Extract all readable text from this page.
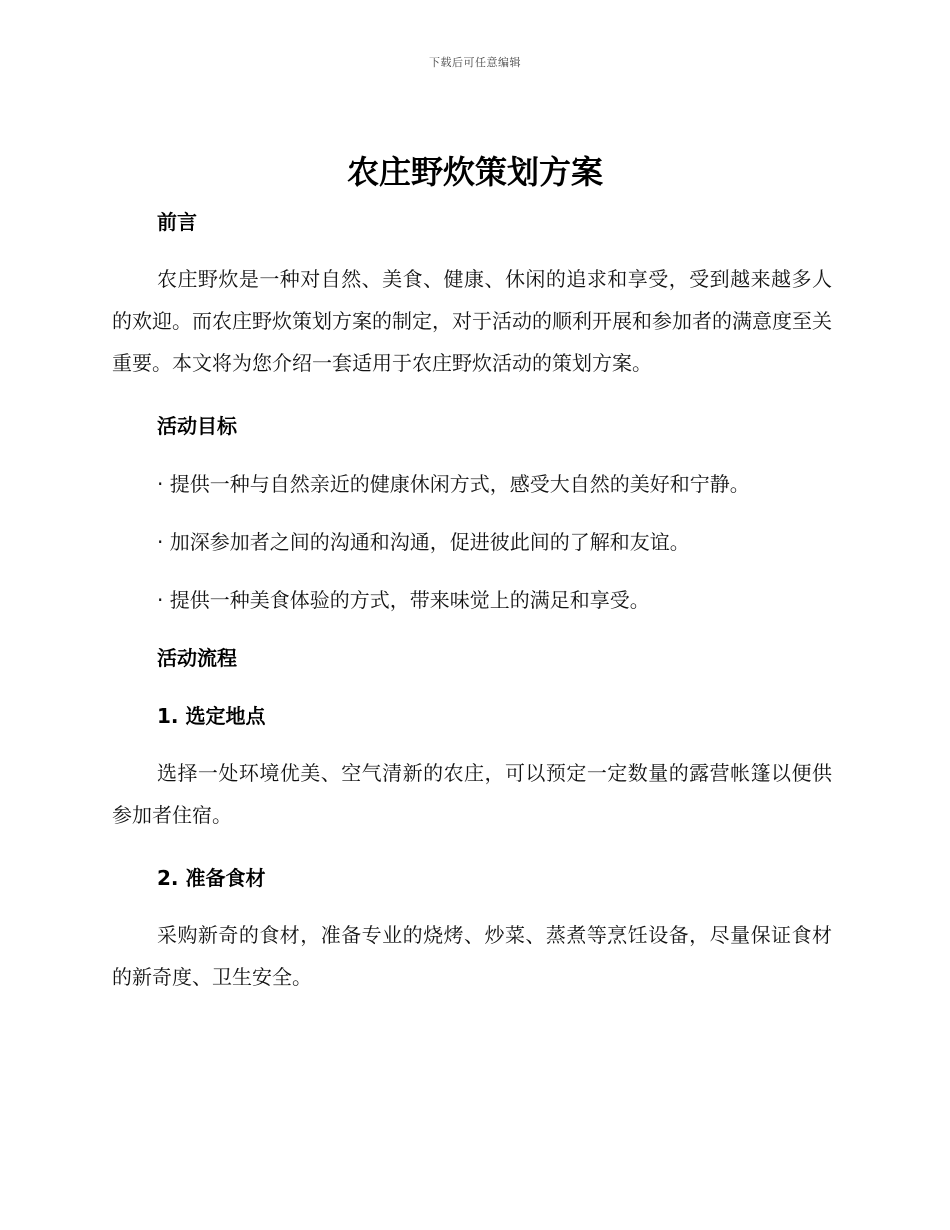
下载后可任意编辑
农庄野炊策划方案
前言

农庄野炊是一种对自然、美食、健康、休闲的追求和享受，受到越来越多人的欢迎。而农庄野炊策划方案的制定，对于活动的顺利开展和参加者的满意度至关重要。本文将为您介绍一套适用于农庄野炊活动的策划方案。

活动目标

· 提供一种与自然亲近的健康休闲方式，感受大自然的美好和宁静。

· 加深参加者之间的沟通和沟通，促进彼此间的了解和友谊。

· 提供一种美食体验的方式，带来味觉上的满足和享受。

活动流程
1. 选定地点

选择一处环境优美、空气清新的农庄，可以预定一定数量的露营帐篷以便供参加者住宿。

2. 准备食材

采购新奇的食材，准备专业的烧烤、炒菜、蒸煮等烹饪设备，尽量保证食材的新奇度、卫生安全。
